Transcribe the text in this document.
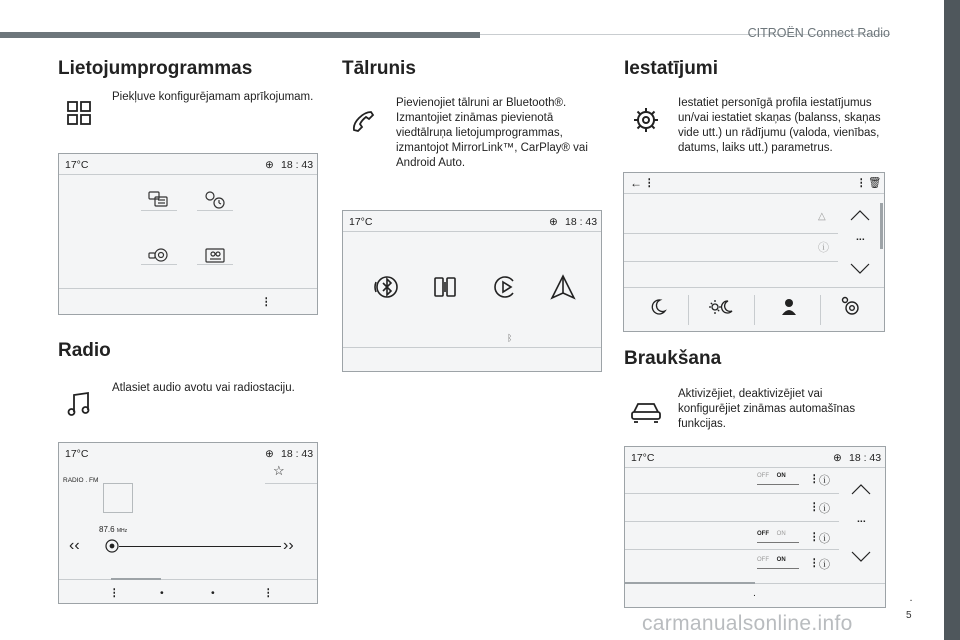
CITROËN Connect Radio
.
5
carmanualsonline.info
Lietojumprogrammas
Piekļuve konfigurējamam aprīkojumam.
17°C	⊕ 18 : 43
⋮
Radio
Atlasiet audio avotu vai radiostaciju.
17°C	⊕ 18 : 43
☆
RADIO . FM
87.6 MHz
‹‹	››
⋮	•	•	⋮
Tālrunis
Pievienojiet tālruni ar Bluetooth®.
Izmantojiet zināmas pievienotā
viedtālruņa lietojumprogrammas,
izmantojot MirrorLink™, CarPlay® vai
Android Auto.
17°C	⊕ 18 : 43
ᛒ
Iestatījumi
Iestatiet personīgā profila iestatījumus
un/vai iestatiet skaņas (balanss, skaņas
vide utt.) un rādījumu (valoda, vienības,
datums, laiks utt.) parametrus.
← ⋮	⋮ 🗑
△
ⓘ
...
Braukšana
Aktivizējiet, deaktivizējiet vai
konfigurējiet zināmas automašīnas
funkcijas.
17°C	⊕ 18 : 43
OFF ON	⋮ ⓘ
⋮ ⓘ
OFF ON	⋮ ⓘ
OFF ON	⋮ ⓘ
...
.
